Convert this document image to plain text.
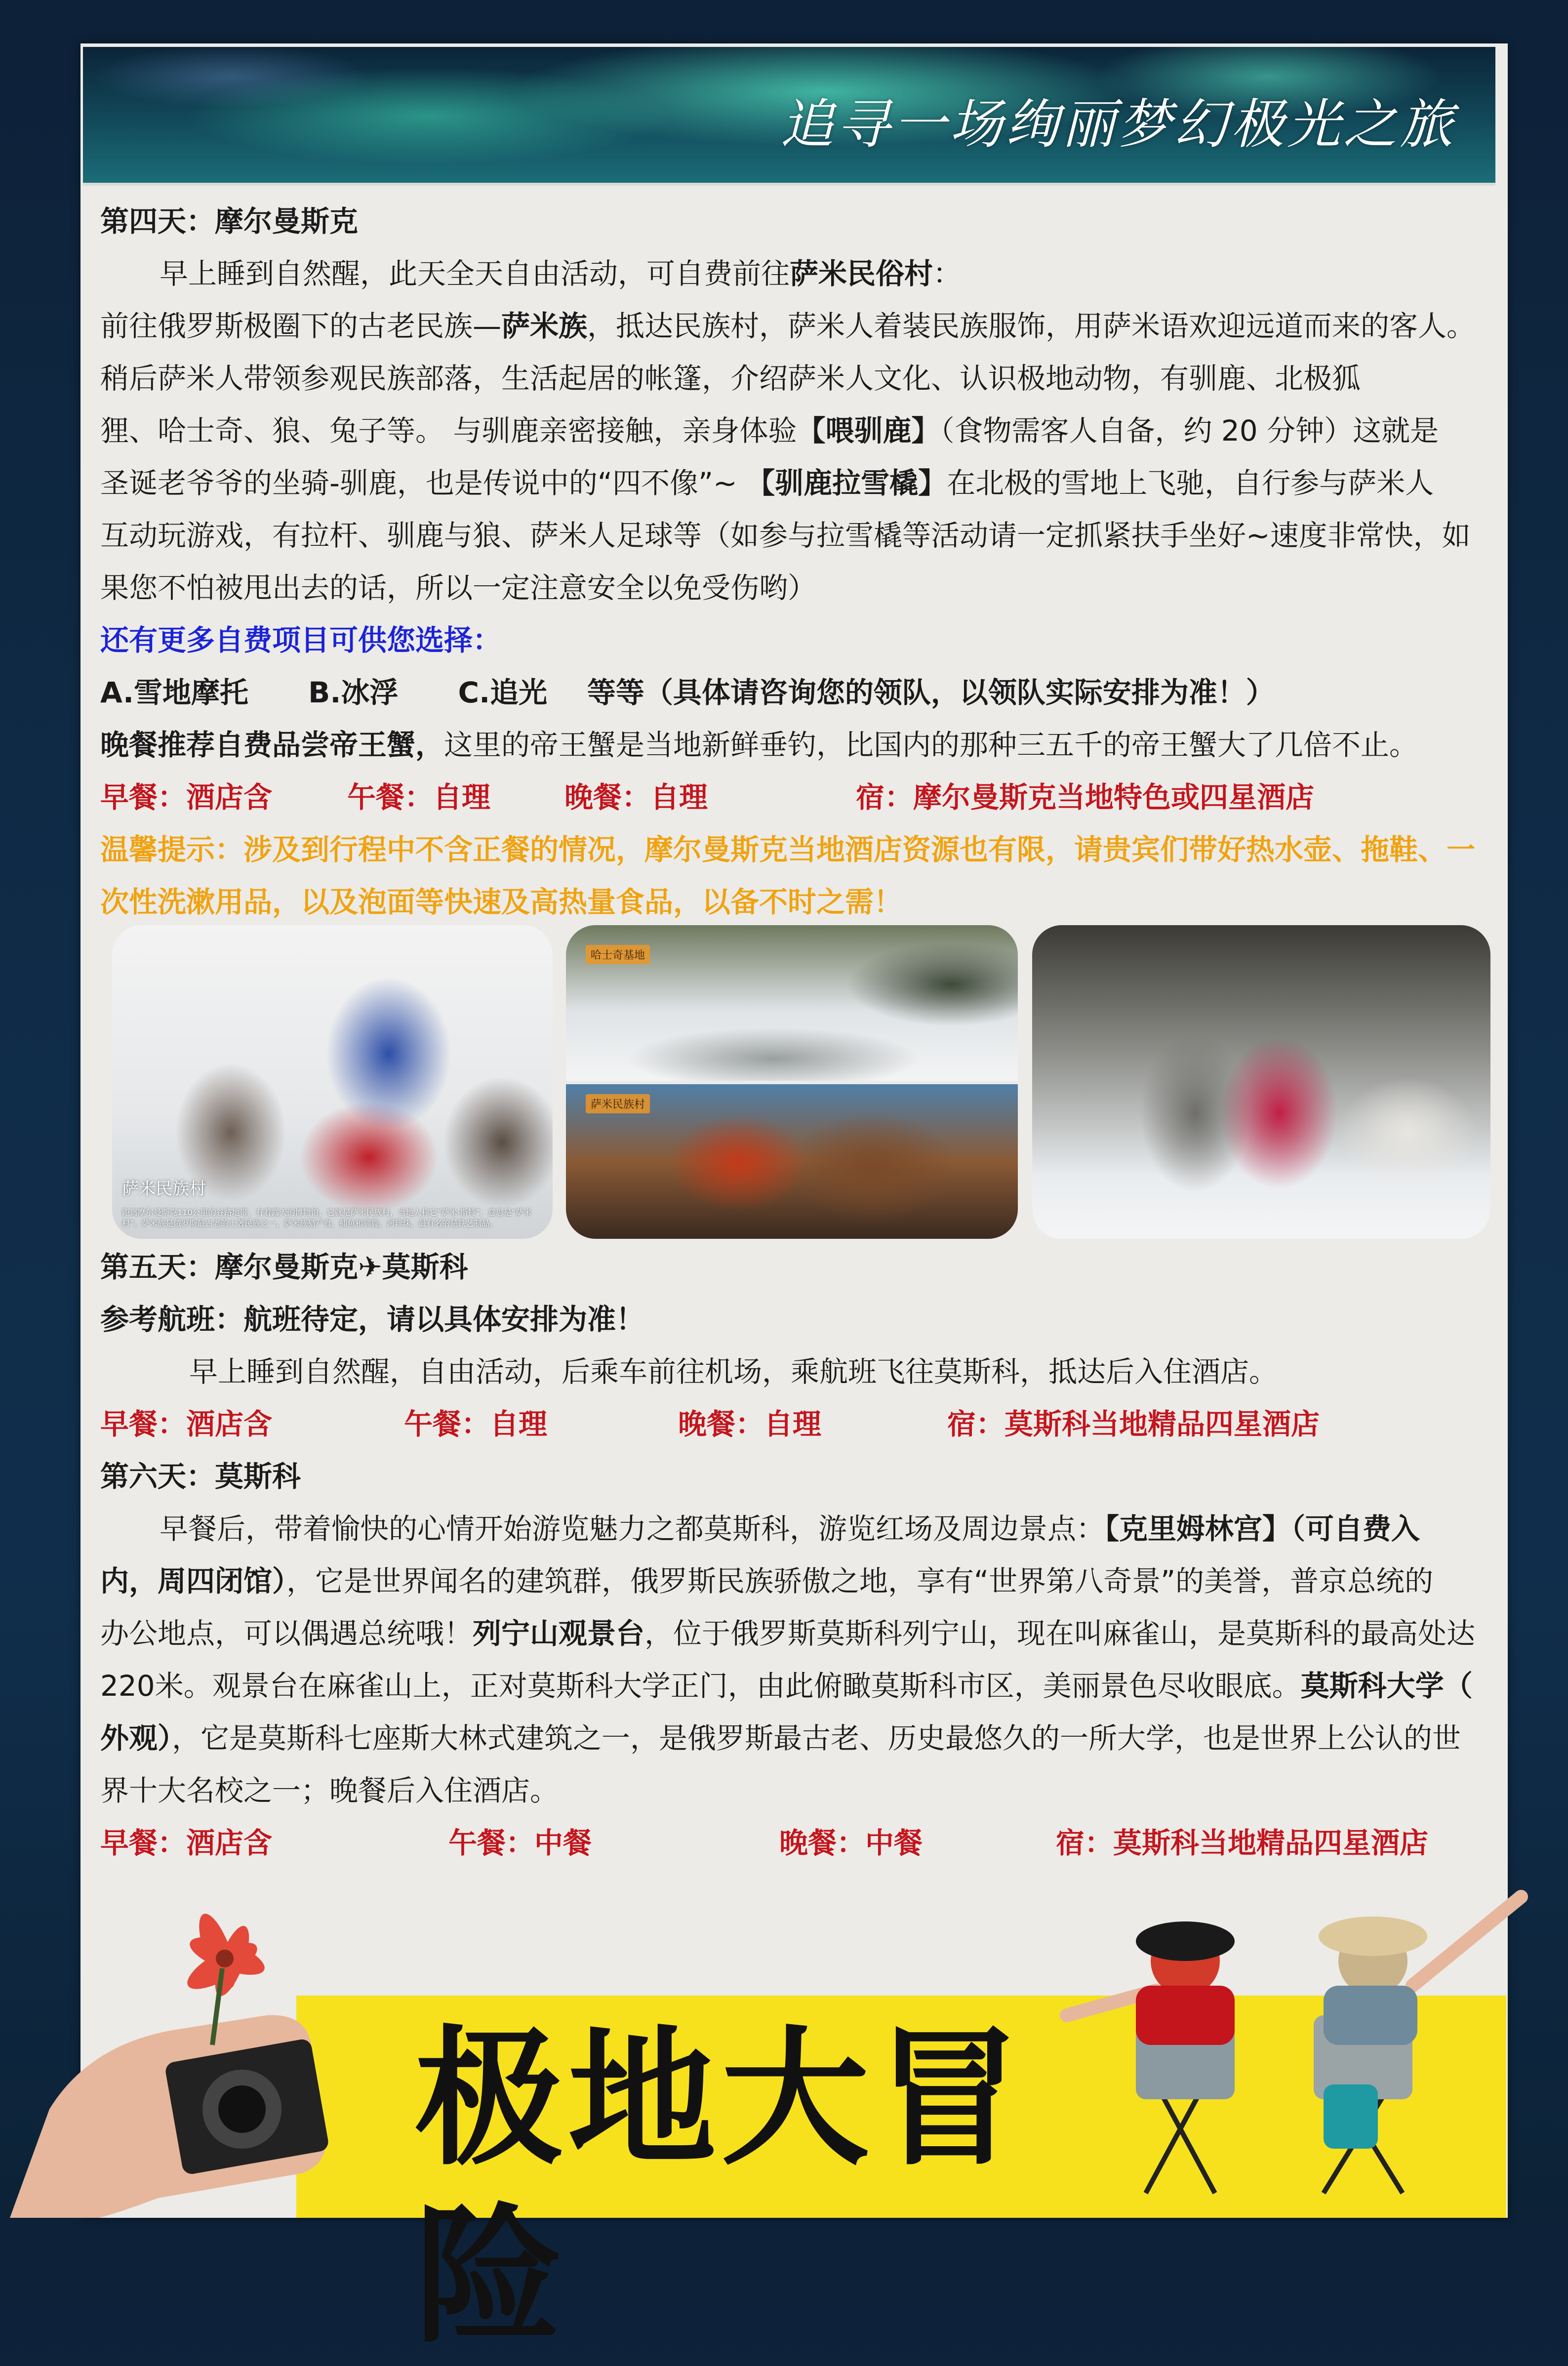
追寻一场绚丽梦幻极光之旅
第四天：摩尔曼斯克
早上睡到自然醒，此天全天自由活动，可自费前往萨米民俗村：
前往俄罗斯极圈下的古老民族—萨米族，抵达民族村，萨米人着装民族服饰，用萨米语欢迎远道而来的客人。
稍后萨米人带领参观民族部落，生活起居的帐篷，介绍萨米人文化、认识极地动物，有驯鹿、北极狐
狸、哈士奇、狼、兔子等。 与驯鹿亲密接触，亲身体验【喂驯鹿】（食物需客人自备，约 20 分钟）这就是
圣诞老爷爷的坐骑-驯鹿，也是传说中的“四不像”~ 【驯鹿拉雪橇】在北极的雪地上飞驰，自行参与萨米人
互动玩游戏，有拉杆、驯鹿与狼、萨米人足球等（如参与拉雪橇等活动请一定抓紧扶手坐好~速度非常快，如
果您不怕被甩出去的话，所以一定注意安全以免受伤哟）
还有更多自费项目可供您选择：
A.雪地摩托      B.冰浮      C.追光    等等（具体请咨询您的领队，以领队实际安排为准！）
晚餐推荐自费品尝帝王蟹，这里的帝王蟹是当地新鲜垂钓，比国内的那种三五千的帝王蟹大了几倍不止。
早餐：酒店含	午餐：自理	晚餐：自理	宿：摩尔曼斯克当地特色或四星酒店
温馨提示：涉及到行程中不含正餐的情况，摩尔曼斯克当地酒店资源也有限，请贵宾们带好热水壶、拖鞋、一
次性洗漱用品，以及泡面等快速及高热量食品，以备不时之需！
萨米民族村
距离摩尔曼斯克110公里的谷路地带，有着露天的博物馆，它就是萨米民族村，当地人称它“萨米-斯特”，意思是“萨米村”。萨米族是俄罗斯最古老的土著民族之一，萨米族猎产食，捕鱼和驯鹿，河珍珠，最有名的是铁艺制品。
哈士奇基地
萨米民族村
第五天：摩尔曼斯克✈莫斯科
参考航班：航班待定，请以具体安排为准！
早上睡到自然醒，自由活动，后乘车前往机场，乘航班飞往莫斯科，抵达后入住酒店。
早餐：酒店含	午餐：自理	晚餐：自理	宿：莫斯科当地精品四星酒店
第六天：莫斯科
早餐后，带着愉快的心情开始游览魅力之都莫斯科，游览红场及周边景点：【克里姆林宫】（可自费入
内，周四闭馆），它是世界闻名的建筑群，俄罗斯民族骄傲之地，享有“世界第八奇景”的美誉，普京总统的
办公地点，可以偶遇总统哦！列宁山观景台，位于俄罗斯莫斯科列宁山，现在叫麻雀山，是莫斯科的最高处达
220米。观景台在麻雀山上，正对莫斯科大学正门，由此俯瞰莫斯科市区，美丽景色尽收眼底。莫斯科大学（
外观），它是莫斯科七座斯大林式建筑之一，是俄罗斯最古老、历史最悠久的一所大学，也是世界上公认的世
界十大名校之一；晚餐后入住酒店。
早餐：酒店含	午餐：中餐	晚餐：中餐	宿：莫斯科当地精品四星酒店
极地大冒险
